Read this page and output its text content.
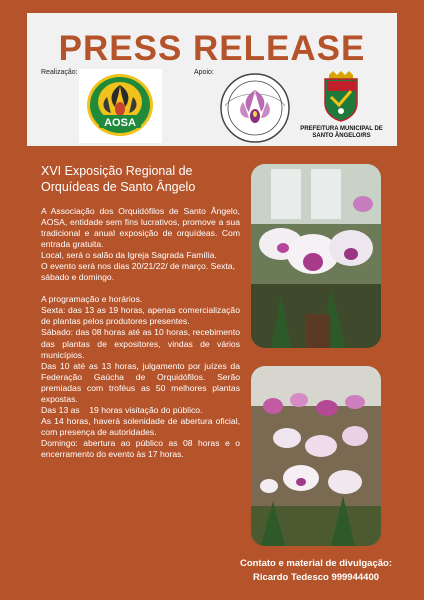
PRESS RELEASE
Realização:	Apoio:
AOSA	PREFEITURA MUNICIPAL DE
SANTO ÂNGELO/RS
XVI Exposição Regional de
Orquídeas de Santo Ângelo

A Associação dos Orquidófilos de Santo Ângelo, AOSA, entidade sem fins lucrativos, promove a sua tradicional e anual exposição de orquídeas. Com entrada gratuita.

Local, será o salão da Igreja Sagrada Família.

O evento será nos dias 20/21/22/ de março. Sexta, sábado e domingo.

A programação e horários.

Sexta: das 13 as 19 horas, apenas comercialização de plantas pelos produtores presentes.

Sábado: das 08 horas até as 10 horas, recebimento das plantas de expositores, vindas de vários municípios.

Das 10 até as 13 horas, julgamento por juízes da Federação Gaúcha de Orquidófilos. Serão premiadas com troféus as 50 melhores plantas expostas.

Das 13 as    19 horas visitação do público.

As 14 horas, haverá solenidade de abertura oficial, com presença de autoridades.

Domingo: abertura ao público as 08 horas e o encerramento do evento às 17 horas.

Contato e material de divulgação:
Ricardo Tedesco 999944400
